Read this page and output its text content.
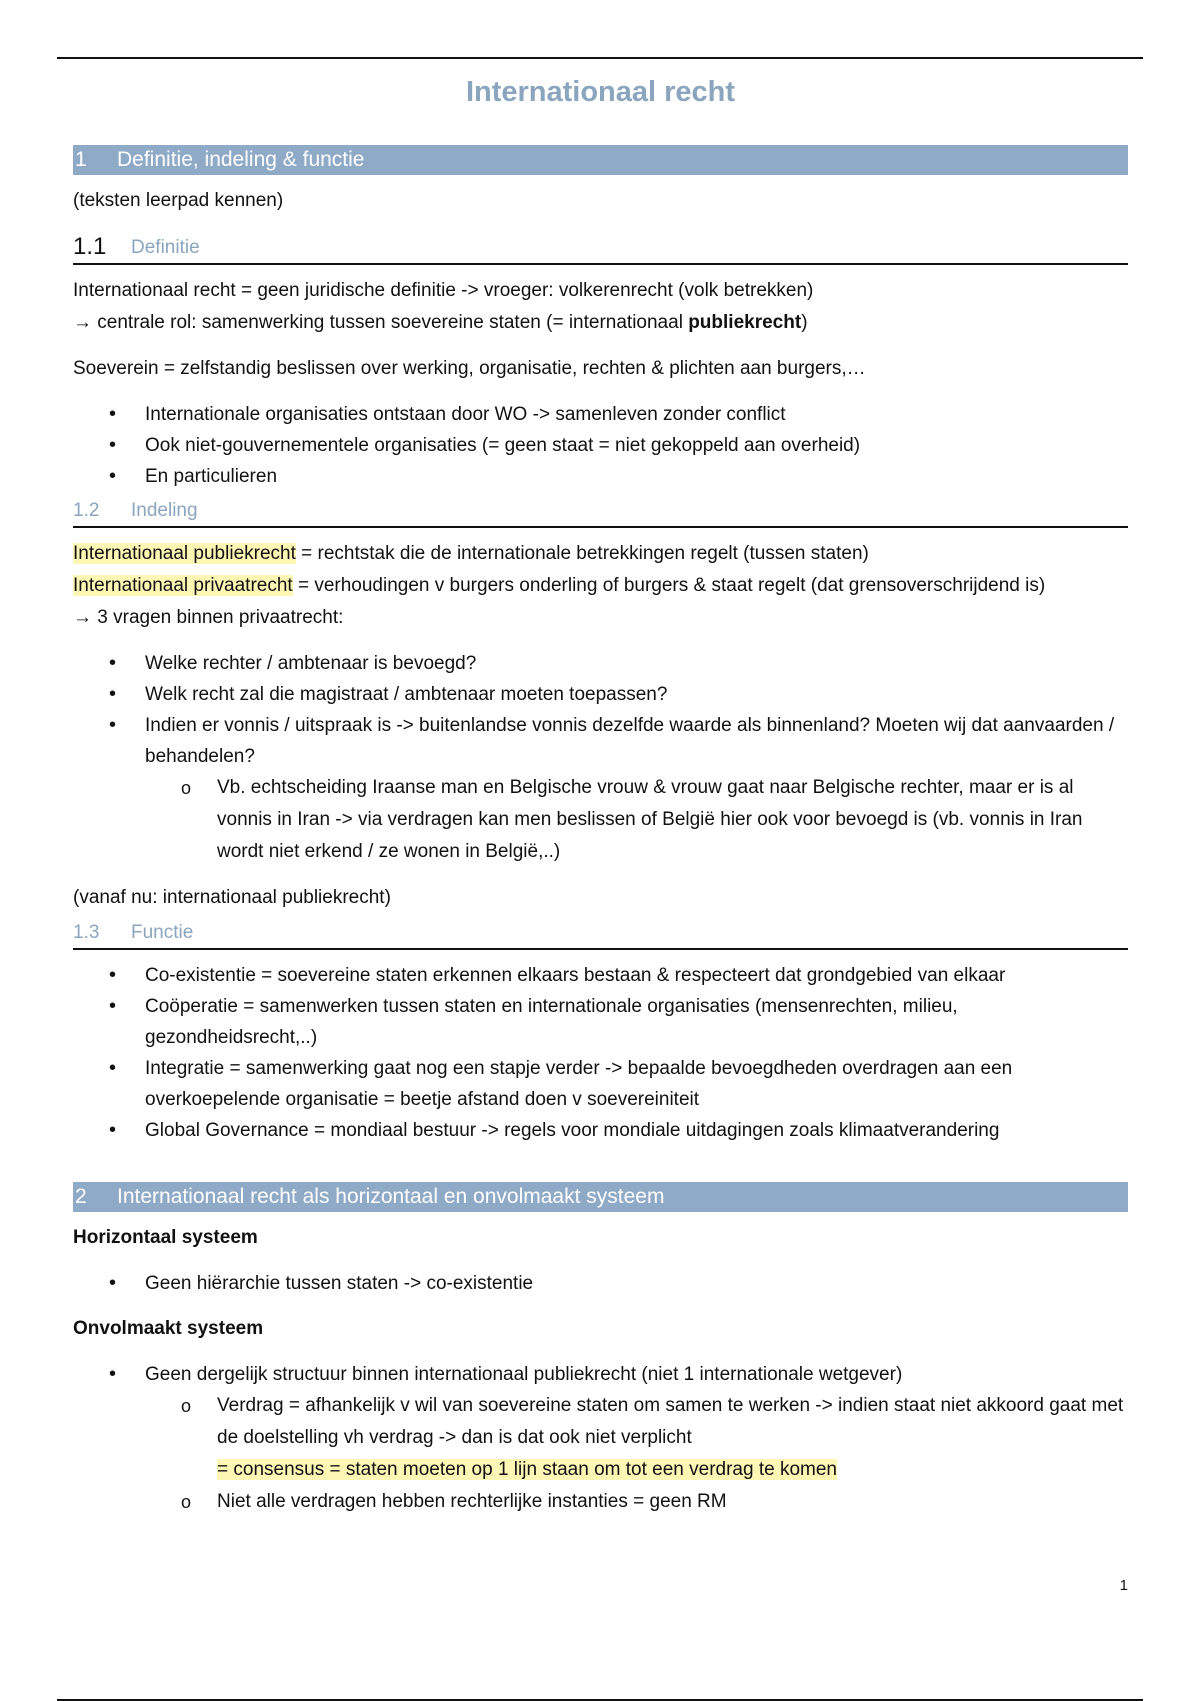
Internationaal recht
1 Definitie, indeling & functie

(teksten leerpad kennen)

1.1 Definitie

Internationaal recht = geen juridische definitie -> vroeger: volkerenrecht (volk betrekken)

→ centrale rol: samenwerking tussen soevereine staten (= internationaal publiekrecht)

Soeverein = zelfstandig beslissen over werking, organisatie, rechten & plichten aan burgers,…

• Internationale organisaties ontstaan door WO -> samenleven zonder conflict
• Ook niet-gouvernementele organisaties (= geen staat = niet gekoppeld aan overheid)
• En particulieren
1.2 Indeling

Internationaal publiekrecht = rechtstak die de internationale betrekkingen regelt (tussen staten)

Internationaal privaatrecht = verhoudingen v burgers onderling of burgers & staat regelt (dat grensoverschrijdend is)

→ 3 vragen binnen privaatrecht:

• Welke rechter / ambtenaar is bevoegd?
• Welk recht zal die magistraat / ambtenaar moeten toepassen?
• Indien er vonnis / uitspraak is -> buitenlandse vonnis dezelfde waarde als binnenland? Moeten wij dat aanvaarden / behandelen?
o Vb. echtscheiding Iraanse man en Belgische vrouw & vrouw gaat naar Belgische rechter, maar er is al vonnis in Iran -> via verdragen kan men beslissen of België hier ook voor bevoegd is (vb. vonnis in Iran wordt niet erkend / ze wonen in België,..)

(vanaf nu: internationaal publiekrecht)

1.3 Functie
• Co-existentie = soevereine staten erkennen elkaars bestaan & respecteert dat grondgebied van elkaar
• Coöperatie = samenwerken tussen staten en internationale organisaties (mensenrechten, milieu, gezondheidsrecht,..)
• Integratie = samenwerking gaat nog een stapje verder -> bepaalde bevoegdheden overdragen aan een overkoepelende organisatie = beetje afstand doen v soevereiniteit
• Global Governance = mondiaal bestuur -> regels voor mondiale uitdagingen zoals klimaatverandering
2 Internationaal recht als horizontaal en onvolmaakt systeem

Horizontaal systeem

• Geen hiërarchie tussen staten -> co-existentie

Onvolmaakt systeem

• Geen dergelijk structuur binnen internationaal publiekrecht (niet 1 internationale wetgever)
o Verdrag = afhankelijk v wil van soevereine staten om samen te werken -> indien staat niet akkoord gaat met de doelstelling vh verdrag -> dan is dat ook niet verplicht
= consensus = staten moeten op 1 lijn staan om tot een verdrag te komen
o Niet alle verdragen hebben rechterlijke instanties = geen RM
1
